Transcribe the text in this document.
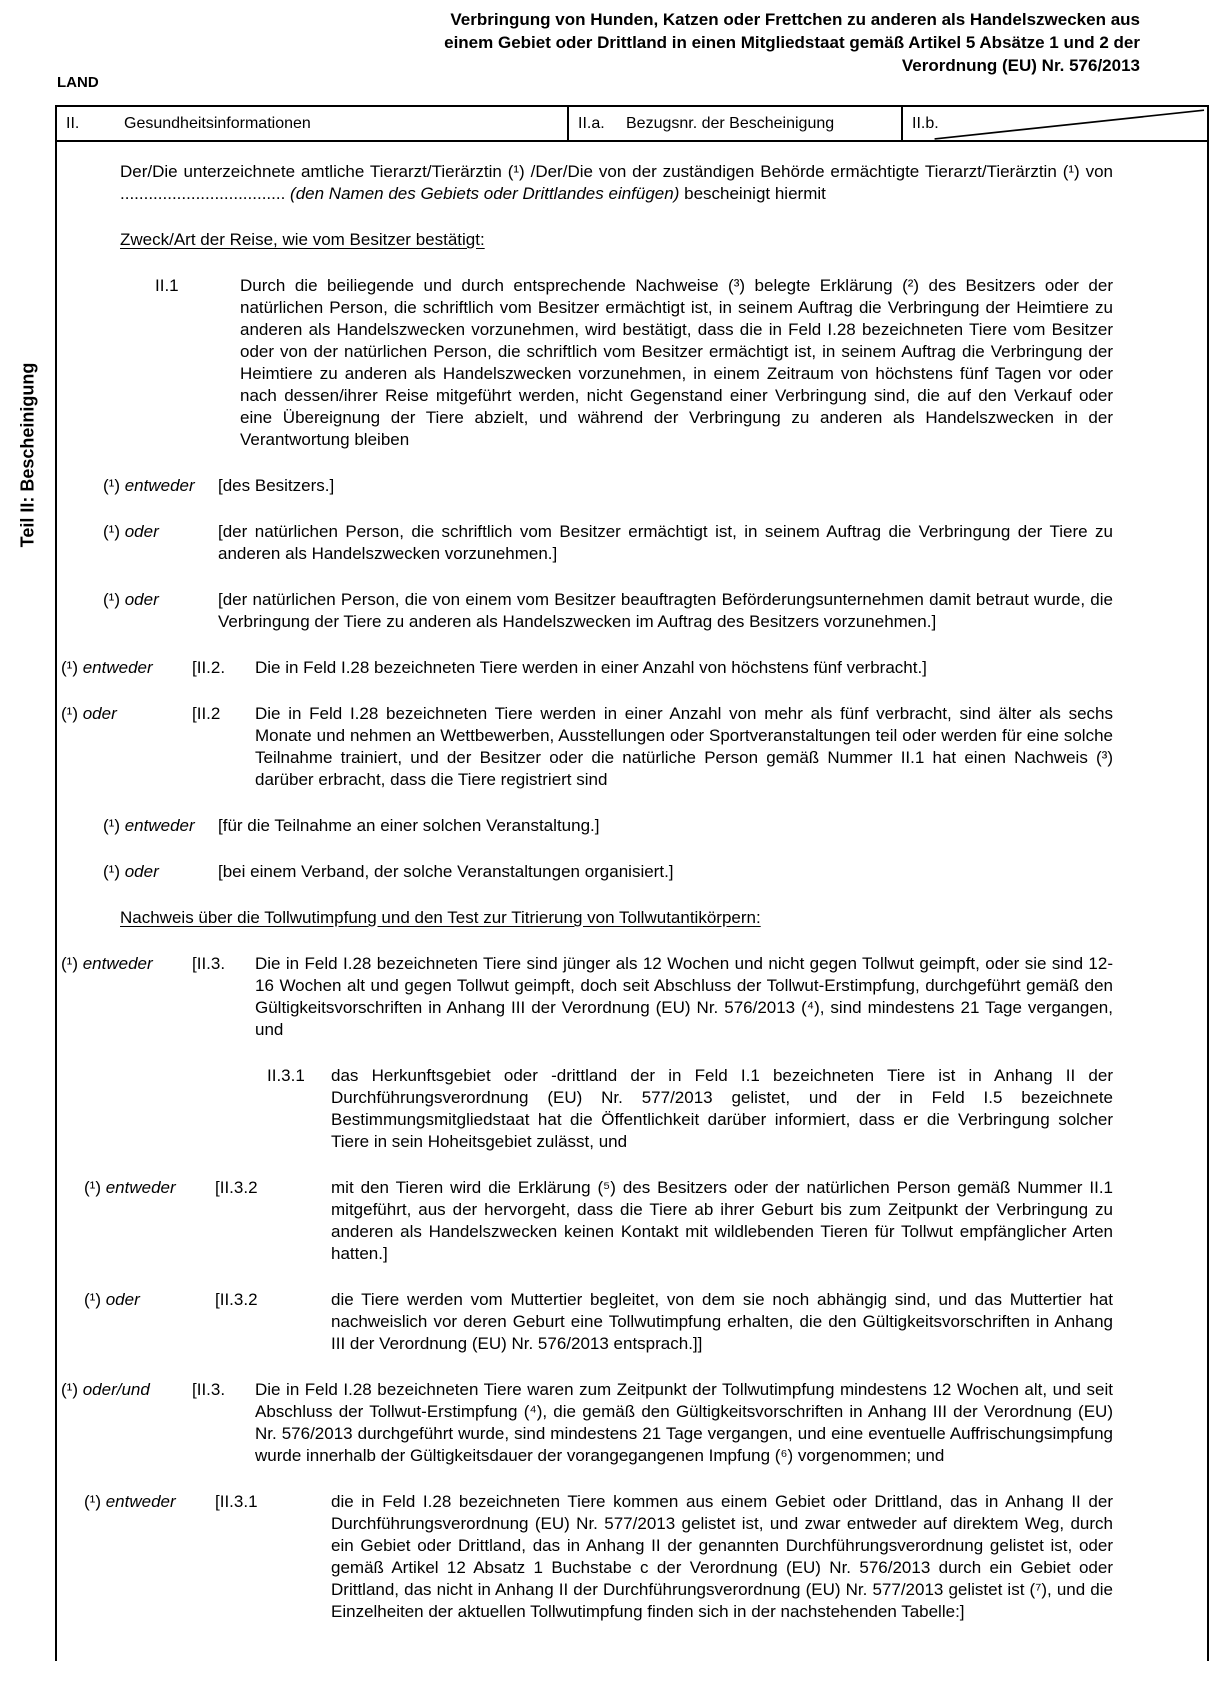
Verbringung von Hunden, Katzen oder Frettchen zu anderen als Handelszwecken aus einem Gebiet oder Drittland in einen Mitgliedstaat gemäß Artikel 5 Absätze 1 und 2 der Verordnung (EU) Nr. 576/2013
LAND
Teil II: Bescheinigung
II.	Gesundheitsinformationen	II.a.	Bezugsnr. der Bescheinigung	II.b.
Der/Die unterzeichnete amtliche Tierarzt/Tierärztin (¹) /Der/Die von der zuständigen Behörde ermächtigte Tierarzt/Tierärztin (¹) von ................................... (den Namen des Gebiets oder Drittlandes einfügen) bescheinigt hiermit
Zweck/Art der Reise, wie vom Besitzer bestätigt:
II.1	Durch die beiliegende und durch entsprechende Nachweise (³) belegte Erklärung (²) des Besitzers oder der natürlichen Person, die schriftlich vom Besitzer ermächtigt ist, in seinem Auftrag die Verbringung der Heimtiere zu anderen als Handelszwecken vorzunehmen, wird bestätigt, dass die in Feld I.28 bezeichneten Tiere vom Besitzer oder von der natürlichen Person, die schriftlich vom Besitzer ermächtigt ist, in seinem Auftrag die Verbringung der Heimtiere zu anderen als Handelszwecken vorzunehmen, in einem Zeitraum von höchstens fünf Tagen vor oder nach dessen/ihrer Reise mitgeführt werden, nicht Gegenstand einer Verbringung sind, die auf den Verkauf oder eine Übereignung der Tiere abzielt, und während der Verbringung zu anderen als Handelszwecken in der Verantwortung bleiben
(¹) entweder	[des Besitzers.]
(¹) oder	[der natürlichen Person, die schriftlich vom Besitzer ermächtigt ist, in seinem Auftrag die Verbringung der Tiere zu anderen als Handelszwecken vorzunehmen.]
(¹) oder	[der natürlichen Person, die von einem vom Besitzer beauftragten Beförderungsunternehmen damit betraut wurde, die Verbringung der Tiere zu anderen als Handelszwecken im Auftrag des Besitzers vorzunehmen.]
(¹) entweder	[II.2.	Die in Feld I.28 bezeichneten Tiere werden in einer Anzahl von höchstens fünf verbracht.]
(¹) oder	[II.2	Die in Feld I.28 bezeichneten Tiere werden in einer Anzahl von mehr als fünf verbracht, sind älter als sechs Monate und nehmen an Wettbewerben, Ausstellungen oder Sportveranstaltungen teil oder werden für eine solche Teilnahme trainiert, und der Besitzer oder die natürliche Person gemäß Nummer II.1 hat einen Nachweis (³) darüber erbracht, dass die Tiere registriert sind
(¹) entweder	[für die Teilnahme an einer solchen Veranstaltung.]
(¹) oder	[bei einem Verband, der solche Veranstaltungen organisiert.]
Nachweis über die Tollwutimpfung und den Test zur Titrierung von Tollwutantikörpern:
(¹) entweder	[II.3.	Die in Feld I.28 bezeichneten Tiere sind jünger als 12 Wochen und nicht gegen Tollwut geimpft, oder sie sind 12-16 Wochen alt und gegen Tollwut geimpft, doch seit Abschluss der Tollwut-Erstimpfung, durchgeführt gemäß den Gültigkeitsvorschriften in Anhang III der Verordnung (EU) Nr. 576/2013 (⁴), sind mindestens 21 Tage vergangen, und
II.3.1	das Herkunftsgebiet oder -drittland der in Feld I.1 bezeichneten Tiere ist in Anhang II der Durchführungsverordnung (EU) Nr. 577/2013 gelistet, und der in Feld I.5 bezeichnete Bestimmungsmitgliedstaat hat die Öffentlichkeit darüber informiert, dass er die Verbringung solcher Tiere in sein Hoheitsgebiet zulässt, und
(¹) entweder	[II.3.2	mit den Tieren wird die Erklärung (⁵) des Besitzers oder der natürlichen Person gemäß Nummer II.1 mitgeführt, aus der hervorgeht, dass die Tiere ab ihrer Geburt bis zum Zeitpunkt der Verbringung zu anderen als Handelszwecken keinen Kontakt mit wildlebenden Tieren für Tollwut empfänglicher Arten hatten.]
(¹) oder	[II.3.2	die Tiere werden vom Muttertier begleitet, von dem sie noch abhängig sind, und das Muttertier hat nachweislich vor deren Geburt eine Tollwutimpfung erhalten, die den Gültigkeitsvorschriften in Anhang III der Verordnung (EU) Nr. 576/2013 entsprach.]]
(¹) oder/und	[II.3.	Die in Feld I.28 bezeichneten Tiere waren zum Zeitpunkt der Tollwutimpfung mindestens 12 Wochen alt, und seit Abschluss der Tollwut-Erstimpfung (⁴), die gemäß den Gültigkeitsvorschriften in Anhang III der Verordnung (EU) Nr. 576/2013 durchgeführt wurde, sind mindestens 21 Tage vergangen, und eine eventuelle Auffrischungsimpfung wurde innerhalb der Gültigkeitsdauer der vorangegangenen Impfung (⁶) vorgenommen; und
(¹) entweder	[II.3.1	die in Feld I.28 bezeichneten Tiere kommen aus einem Gebiet oder Drittland, das in Anhang II der Durchführungsverordnung (EU) Nr. 577/2013 gelistet ist, und zwar entweder auf direktem Weg, durch ein Gebiet oder Drittland, das in Anhang II der genannten Durchführungsverordnung gelistet ist, oder gemäß Artikel 12 Absatz 1 Buchstabe c der Verordnung (EU) Nr. 576/2013 durch ein Gebiet oder Drittland, das nicht in Anhang II der Durchführungsverordnung (EU) Nr. 577/2013 gelistet ist (⁷), und die Einzelheiten der aktuellen Tollwutimpfung finden sich in der nachstehenden Tabelle:]
